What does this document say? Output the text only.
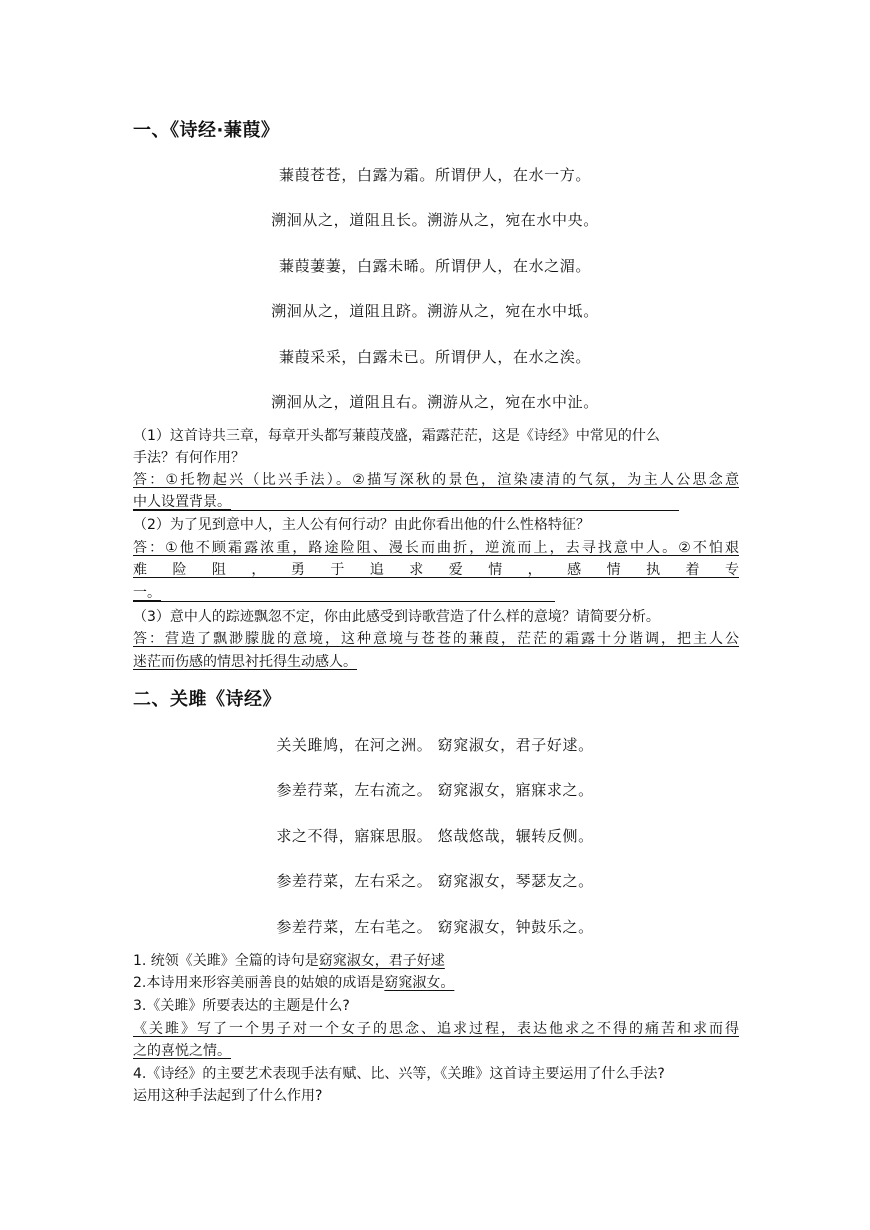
一、《诗经·蒹葭》

蒹葭苍苍，白露为霜。所谓伊人，在水一方。

溯洄从之，道阻且长。溯游从之，宛在水中央。

蒹葭萋萋，白露未晞。所谓伊人，在水之湄。

溯洄从之，道阻且跻。溯游从之，宛在水中坻。

蒹葭采采，白露未已。所谓伊人，在水之涘。

溯洄从之，道阻且右。溯游从之，宛在水中沚。

（1）这首诗共三章，每章开头都写蒹葭茂盛，霜露茫茫，这是《诗经》中常见的什么

手法？有何作用？

答：①托物起兴（比兴手法）。②描写深秋的景色，渲染凄清的气氛，为主人公思念意

中人设置背景。

（2）为了见到意中人，主人公有何行动？由此你看出他的什么性格特征？

答：①他不顾霜露浓重，路途险阻、漫长而曲折，逆流而上，去寻找意中人。②不怕艰

难险阻，勇于追求爱情，感情执着专

一。

（3）意中人的踪迹飘忽不定，你由此感受到诗歌营造了什么样的意境？请简要分析。

答：营造了飘渺朦胧的意境，这种意境与苍苍的蒹葭，茫茫的霜露十分谐调，把主人公

迷茫而伤感的情思衬托得生动感人。

二、关雎《诗经》

关关雎鸠，在河之洲。 窈窕淑女，君子好逑。

参差荇菜，左右流之。 窈窕淑女，寤寐求之。

求之不得，寤寐思服。 悠哉悠哉，辗转反侧。

参差荇菜，左右采之。 窈窕淑女，琴瑟友之。

参差荇菜，左右芼之。 窈窕淑女，钟鼓乐之。

1. 统领《关雎》全篇的诗句是窈窕淑女，君子好逑

2.本诗用来形容美丽善良的姑娘的成语是窈窕淑女。

3.《关雎》所要表达的主题是什么?

《关雎》写了一个男子对一个女子的思念、追求过程，表达他求之不得的痛苦和求而得

之的喜悦之情。

4.《诗经》的主要艺术表现手法有赋、比、兴等，《关雎》这首诗主要运用了什么手法?

运用这种手法起到了什么作用?
